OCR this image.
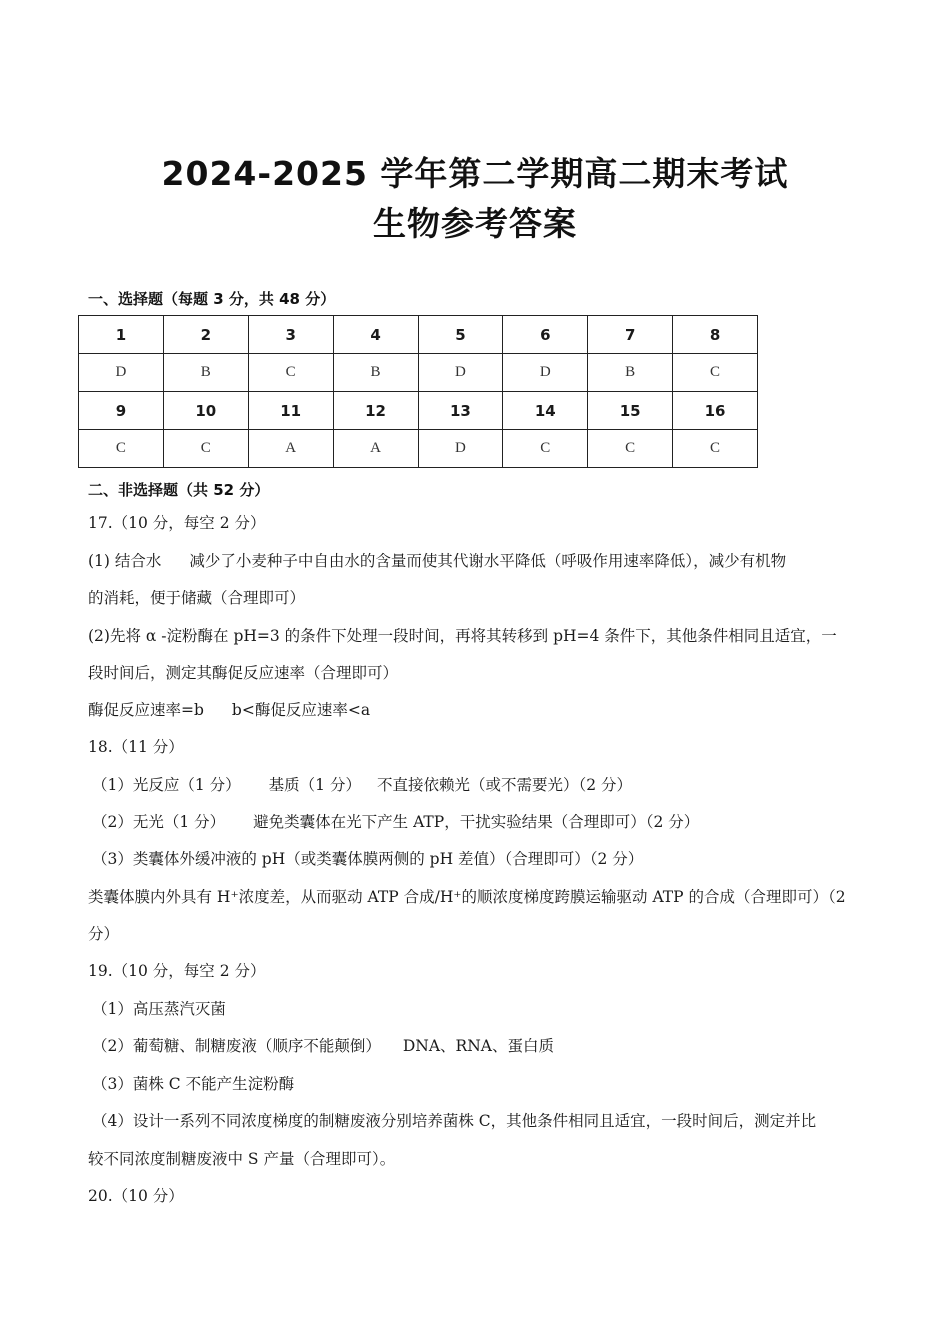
2024-2025 学年第二学期高二期末考试
生物参考答案
一、选择题（每题 3 分，共 48 分）
1	2	3	4	5	6	7	8
D	B	C	B	D	D	B	C
9	10	11	12	13	14	15	16
C	C	A	A	D	C	C	C
二、非选择题（共 52 分）
17.（10 分，每空 2 分）
(1) 结合水 减少了小麦种子中自由水的含量而使其代谢水平降低（呼吸作用速率降低），减少有机物
的消耗，便于储藏（合理即可）
(2)先将 α -淀粉酶在 pH=3 的条件下处理一段时间，再将其转移到 pH=4 条件下，其他条件相同且适宜，一
段时间后，测定其酶促反应速率（合理即可）
酶促反应速率=b b<酶促反应速率<a
18.（11 分）
（1）光反应（1 分） 基质（1 分） 不直接依赖光（或不需要光）（2 分）
（2）无光（1 分） 避免类囊体在光下产生 ATP，干扰实验结果（合理即可）（2 分）
（3）类囊体外缓冲液的 pH（或类囊体膜两侧的 pH 差值）（合理即可）（2 分）
类囊体膜内外具有 H⁺浓度差，从而驱动 ATP 合成/H⁺的顺浓度梯度跨膜运输驱动 ATP 的合成（合理即可）（2
分）
19.（10 分，每空 2 分）
（1）高压蒸汽灭菌
（2）葡萄糖、制糖废液（顺序不能颠倒） DNA、RNA、蛋白质
（3）菌株 C 不能产生淀粉酶
（4）设计一系列不同浓度梯度的制糖废液分别培养菌株 C，其他条件相同且适宜，一段时间后，测定并比
较不同浓度制糖废液中 S 产量（合理即可）。
20.（10 分）
